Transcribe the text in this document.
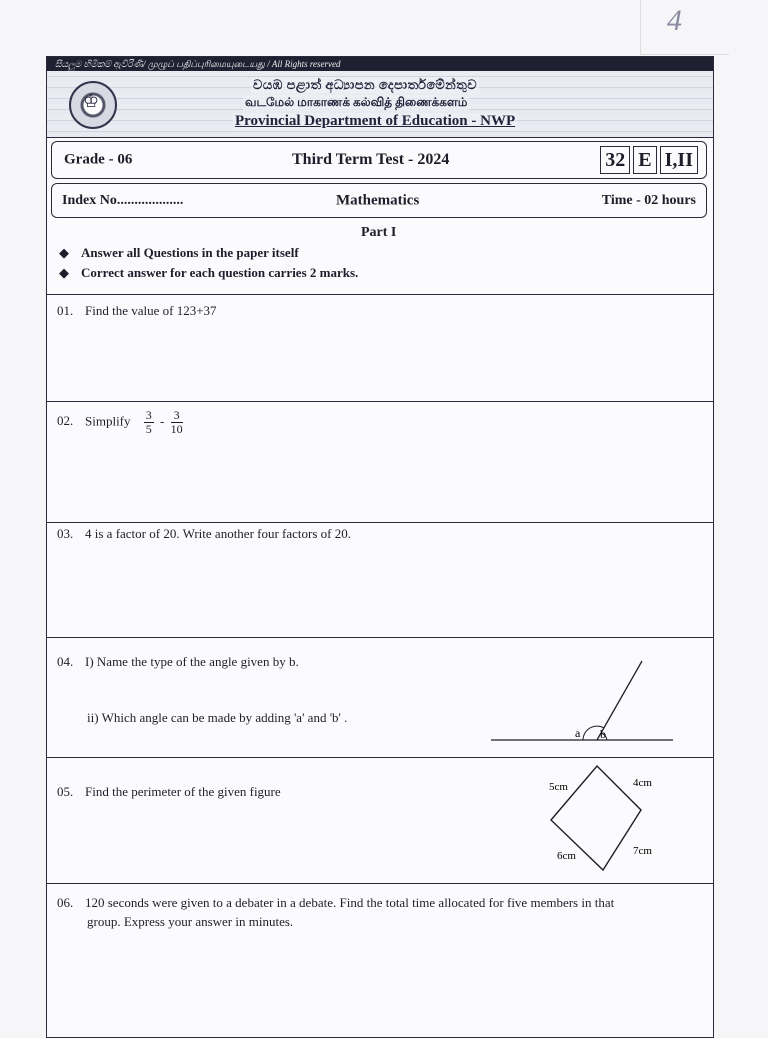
4
සියලුම හිමිකම් ඇවිරිණි/ முழுப் பதிப்புரிமையுடையது / All Rights reserved
♔
වයඹ පළාත් අධ්‍යාපන දෙපාර්තමේන්තුව
வடமேல் மாகாணக் கல்வித் திணைக்களம்
Provincial Department of Education - NWP
Grade - 06	Third Term Test - 2024	32 E I,II
Index No...................	Mathematics	Time - 02 hours
Part I
◆ Answer all Questions in the paper itself
◆ Correct answer for each question carries 2 marks.
01. Find the value of 123+37
02. Simplify $\frac{3}{5} - \frac{3}{10}$
03. 4 is a factor of 20. Write another four factors of 20.
04. I) Name the type of the angle given by b.
ii) Which angle can be made by adding 'a' and 'b' .
a b
05. Find the perimeter of the given figure	5cm	4cm
6cm	7cm
06. 120 seconds were given to a debater in a debate. Find the total time allocated for five members in that
group. Express your answer in minutes.
